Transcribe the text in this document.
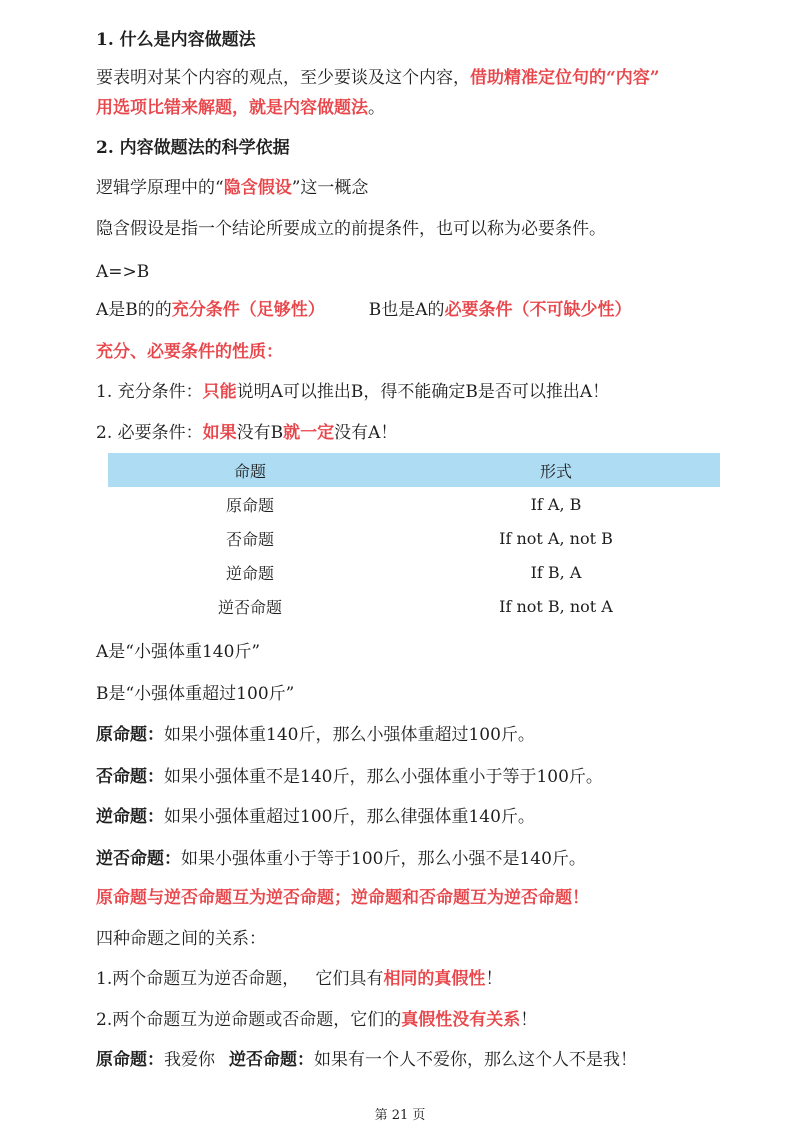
1. 什么是内容做题法
要表明对某个内容的观点，至少要谈及这个内容，借助精准定位句的“内容”
用选项比错来解题，就是内容做题法。
2. 内容做题法的科学依据
逻辑学原理中的“隐含假设”这一概念
隐含假设是指一个结论所要成立的前提条件，也可以称为必要条件。
A=>B
A是B的的充分条件（足够性）	B也是A的必要条件（不可缺少性）
充分、必要条件的性质：
1. 充分条件：只能说明A可以推出B，得不能确定B是否可以推出A！
2. 必要条件：如果没有B就一定没有A！
命题	形式
原命题	If A, B
否命题	If not A, not B
逆命题	If B, A
逆否命题	If not B, not A
A是“小强体重140斤”
B是“小强体重超过100斤”
原命题：如果小强体重140斤，那么小强体重超过100斤。
否命题：如果小强体重不是140斤，那么小强体重小于等于100斤。
逆命题：如果小强体重超过100斤，那么律强体重140斤。
逆否命题：如果小强体重小于等于100斤，那么小强不是140斤。
原命题与逆否命题互为逆否命题；逆命题和否命题互为逆否命题！
四种命题之间的关系：
1.两个命题互为逆否命题，   它们具有相同的真假性！
2.两个命题互为逆命题或否命题，它们的真假性没有关系！
原命题：我爱你 逆否命题：如果有一个人不爱你，那么这个人不是我！
第 21 页
